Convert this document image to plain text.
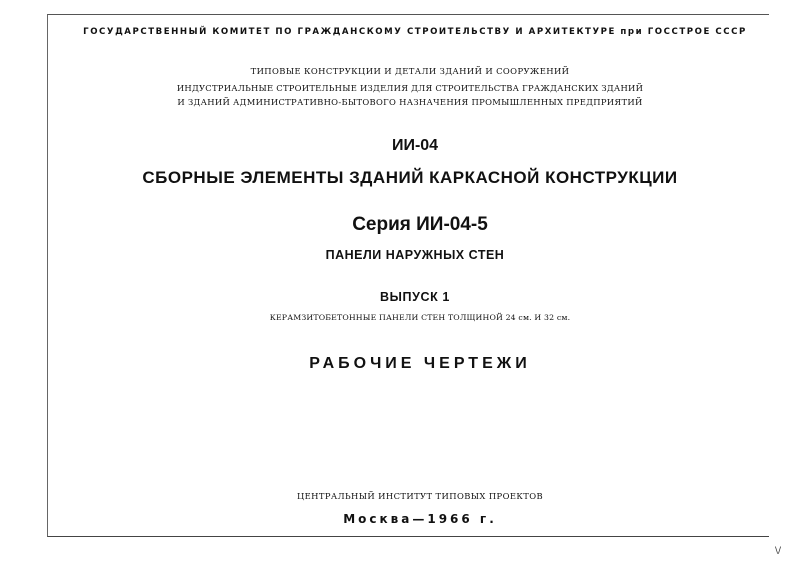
ГОСУДАРСТВЕННЫЙ КОМИТЕТ ПО ГРАЖДАНСКОМУ СТРОИТЕЛЬСТВУ И АРХИТЕКТУРЕ при ГОССТРОЕ СССР
ТИПОВЫЕ КОНСТРУКЦИИ И ДЕТАЛИ ЗДАНИЙ И СООРУЖЕНИЙ
ИНДУСТРИАЛЬНЫЕ СТРОИТЕЛЬНЫЕ ИЗДЕЛИЯ ДЛЯ СТРОИТЕЛЬСТВА ГРАЖДАНСКИХ ЗДАНИЙ
И ЗДАНИЙ АДМИНИСТРАТИВНО-БЫТОВОГО НАЗНАЧЕНИЯ ПРОМЫШЛЕННЫХ ПРЕДПРИЯТИЙ
ИИ-04
СБОРНЫЕ ЭЛЕМЕНТЫ ЗДАНИЙ КАРКАСНОЙ КОНСТРУКЦИИ
Серия ИИ-04-5
ПАНЕЛИ НАРУЖНЫХ СТЕН
ВЫПУСК 1
КЕРАМЗИТОБЕТОННЫЕ ПАНЕЛИ СТЕН ТОЛЩИНОЙ 24 см. И 32 см.
РАБОЧИЕ ЧЕРТЕЖИ
ЦЕНТРАЛЬНЫЙ ИНСТИТУТ ТИПОВЫХ ПРОЕКТОВ
Москва—1966 г.
\/
